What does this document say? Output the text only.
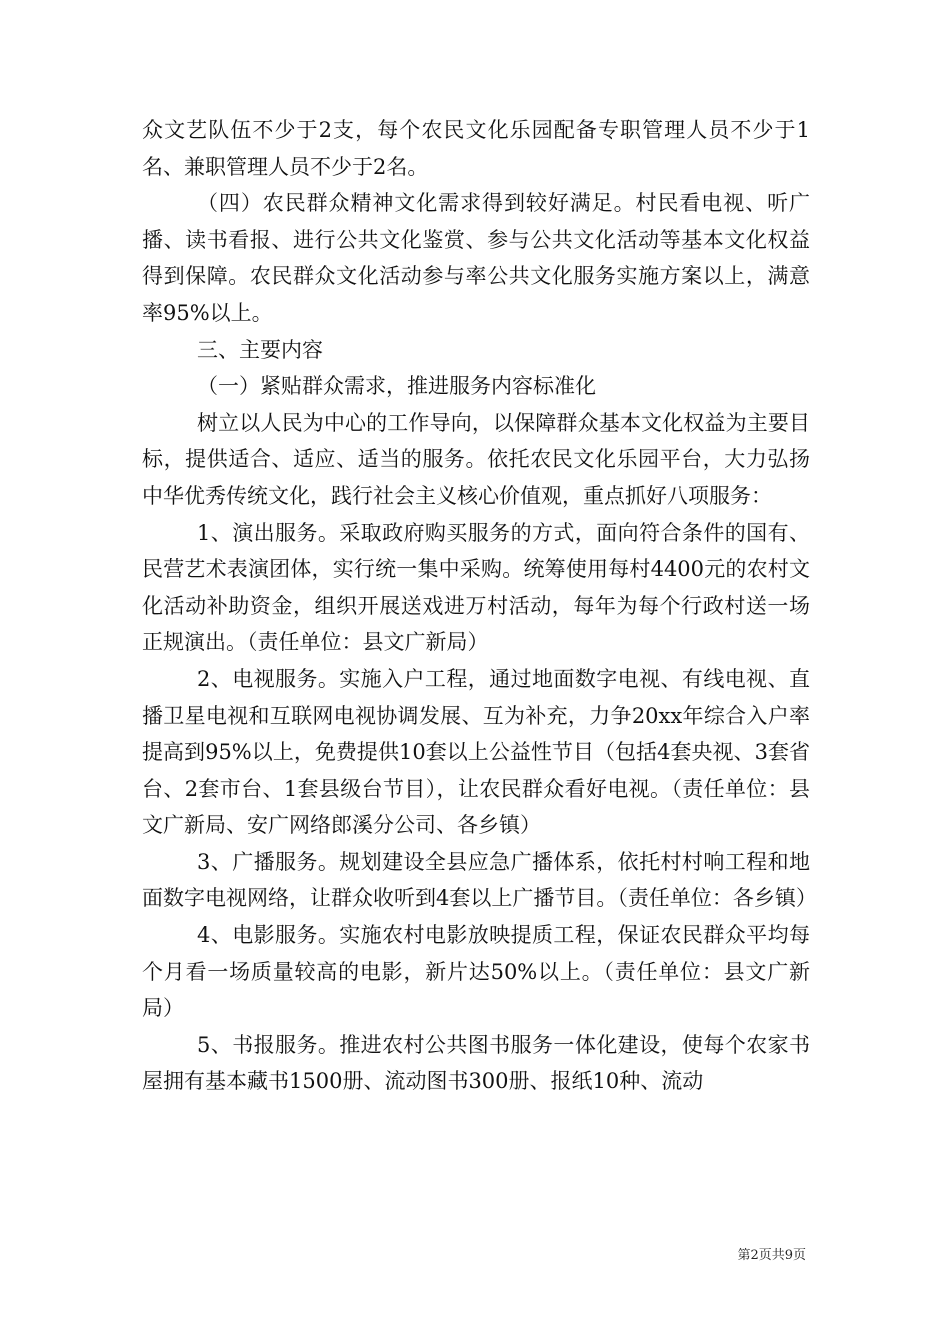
众文艺队伍不少于2支，每个农民文化乐园配备专职管理人员不少于1名、兼职管理人员不少于2名。

（四）农民群众精神文化需求得到较好满足。村民看电视、听广播、读书看报、进行公共文化鉴赏、参与公共文化活动等基本文化权益得到保障。农民群众文化活动参与率公共文化服务实施方案以上，满意率95%以上。

三、主要内容

（一）紧贴群众需求，推进服务内容标准化

树立以人民为中心的工作导向，以保障群众基本文化权益为主要目标，提供适合、适应、适当的服务。依托农民文化乐园平台，大力弘扬中华优秀传统文化，践行社会主义核心价值观，重点抓好八项服务：

1、演出服务。采取政府购买服务的方式，面向符合条件的国有、民营艺术表演团体，实行统一集中采购。统筹使用每村4400元的农村文化活动补助资金，组织开展送戏进万村活动，每年为每个行政村送一场正规演出。（责任单位：县文广新局）

2、电视服务。实施入户工程，通过地面数字电视、有线电视、直播卫星电视和互联网电视协调发展、互为补充，力争20xx年综合入户率提高到95%以上，免费提供10套以上公益性节目（包括4套央视、3套省台、2套市台、1套县级台节目），让农民群众看好电视。（责任单位：县文广新局、安广网络郎溪分公司、各乡镇）

3、广播服务。规划建设全县应急广播体系，依托村村响工程和地面数字电视网络，让群众收听到4套以上广播节目。（责任单位：各乡镇）

4、电影服务。实施农村电影放映提质工程，保证农民群众平均每个月看一场质量较高的电影，新片达50%以上。（责任单位：县文广新局）

5、书报服务。推进农村公共图书服务一体化建设，使每个农家书屋拥有基本藏书1500册、流动图书300册、报纸10种、流动

第2页共9页
